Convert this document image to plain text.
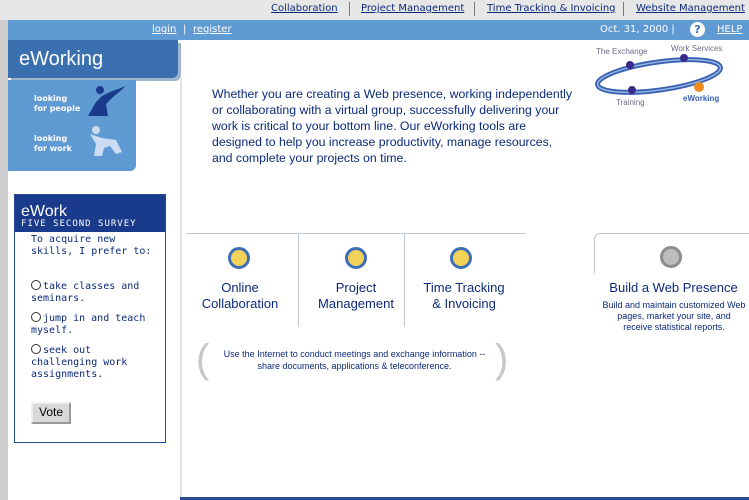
Collaboration Project Management Time Tracking & Invoicing Website Management
login | register	Oct. 31, 2000 |	?	HELP
eWorking
looking
for people
looking
for work
eWork
FIVE SECOND SURVEY
To acquire new skills, I prefer to:
take classes and seminars.
jump in and teach myself.
seek out challenging work assignments.
Vote
Whether you are creating a Web presence, working independently or collaborating with a virtual group, successfully delivering your work is critical to your bottom line. Our eWorking tools are designed to help you increase productivity, manage resources, and complete your projects on time.
The Exchange	Work Services
Training	eWorking
Online
Collaboration
Project
Management
Time Tracking
& Invoicing
(	Use the Internet to conduct meetings and exchange information -- share documents, applications & teleconference.	)
Build a Web Presence
Build and maintain customized Web pages, market your site, and receive statistical reports.
